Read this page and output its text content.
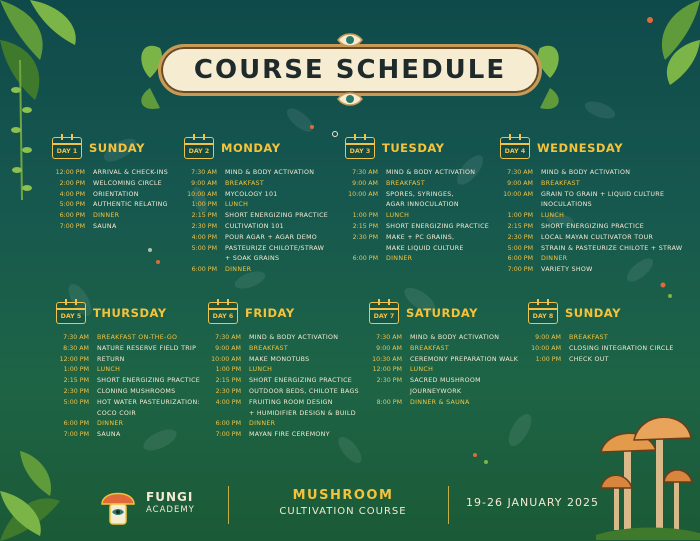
COURSE SCHEDULE
DAY 1 SUNDAY
12:00 PM ARRIVAL & CHECK-INS
2:00 PM WELCOMING CIRCLE
4:00 PM ORIENTATION
5:00 PM AUTHENTIC RELATING
6:00 PM DINNER
7:00 PM SAUNA
DAY 2 MONDAY
7:30 AM MIND & BODY ACTIVATION
9:00 AM BREAKFAST
10:00 AM MYCOLOGY 101
1:00 PM LUNCH
2:15 PM SHORT ENERGIZING PRACTICE
2:30 PM CULTIVATION 101
4:00 PM POUR AGAR + AGAR DEMO
5:00 PM PASTEURIZE CHILOTE/STRAW
+ SOAK GRAINS
6:00 PM DINNER
DAY 3 TUESDAY
7:30 AM MIND & BODY ACTIVATION
9:00 AM BREAKFAST
10:00 AM SPORES, SYRINGES,
AGAR INNOCULATION
1:00 PM LUNCH
2:15 PM SHORT ENERGIZING PRACTICE
2:30 PM MAKE + PC GRAINS,
MAKE LIQUID CULTURE
6:00 PM DINNER
DAY 4 WEDNESDAY
7:30 AM MIND & BODY ACTIVATION
9:00 AM BREAKFAST
10:00 AM GRAIN TO GRAIN + LIQUID CULTURE
INOCULATIONS
1:00 PM LUNCH
2:15 PM SHORT ENERGIZING PRACTICE
2:30 PM LOCAL MAYAN CULTIVATOR TOUR
5:00 PM STRAIN & PASTEURIZE CHILOTE + STRAW
6:00 PM DINNER
7:00 PM VARIETY SHOW
DAY 5 THURSDAY
7:30 AM BREAKFAST ON-THE-GO
8:30 AM NATURE RESERVE FIELD TRIP
12:00 PM RETURN
1:00 PM LUNCH
2:15 PM SHORT ENERGIZING PRACTICE
2:30 PM CLONING MUSHROOMS
5:00 PM HOT WATER PASTEURIZATION:
COCO COIR
6:00 PM DINNER
7:00 PM SAUNA
DAY 6 FRIDAY
7:30 AM MIND & BODY ACTIVATION
9:00 AM BREAKFAST
10:00 AM MAKE MONOTUBS
1:00 PM LUNCH
2:15 PM SHORT ENERGIZING PRACTICE
2:30 PM OUTDOOR BEDS, CHILOTE BAGS
4:00 PM FRUITING ROOM DESIGN
+ HUMIDIFIER DESIGN & BUILD
6:00 PM DINNER
7:00 PM MAYAN FIRE CEREMONY
DAY 7 SATURDAY
7:30 AM MIND & BODY ACTIVATION
9:00 AM BREAKFAST
10:30 AM CEREMONY PREPARATION WALK
12:00 PM LUNCH
2:30 PM SACRED MUSHROOM
JOURNEYWORK
8:00 PM DINNER & SAUNA
DAY 8 SUNDAY
9:00 AM BREAKFAST
10:00 AM CLOSING INTEGRATION CIRCLE
1:00 PM CHECK OUT
FUNGI
ACADEMY
MUSHROOM
CULTIVATION COURSE
19-26 JANUARY 2025
